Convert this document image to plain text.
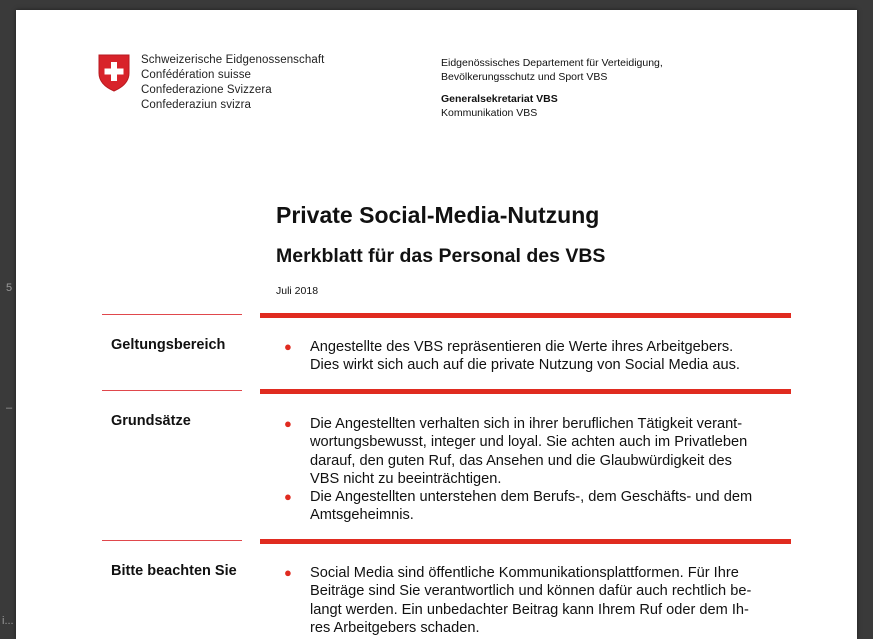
5
–
i...
Schweizerische Eidgenossenschaft
Confédération suisse
Confederazione Svizzera
Confederaziun svizra
Eidgenössisches Departement für Verteidigung,
Bevölkerungsschutz und Sport VBS
Generalsekretariat VBS
Kommunikation VBS
Private Social-Media-Nutzung
Merkblatt für das Personal des VBS
Juli 2018
Geltungsbereich	● Angestellte des VBS repräsentieren die Werte ihres Arbeitgebers.
Dies wirkt sich auch auf die private Nutzung von Social Media aus.
Grundsätze	● Die Angestellten verhalten sich in ihrer beruflichen Tätigkeit verant-
wortungsbewusst, integer und loyal. Sie achten auch im Privatleben
darauf, den guten Ruf, das Ansehen und die Glaubwürdigkeit des
VBS nicht zu beeinträchtigen.
● Die Angestellten unterstehen dem Berufs-, dem Geschäfts- und dem
Amtsgeheimnis.
Bitte beachten Sie	● Social Media sind öffentliche Kommunikationsplattformen. Für Ihre
Beiträge sind Sie verantwortlich und können dafür auch rechtlich be-
langt werden. Ein unbedachter Beitrag kann Ihrem Ruf oder dem Ih-
res Arbeitgebers schaden.
